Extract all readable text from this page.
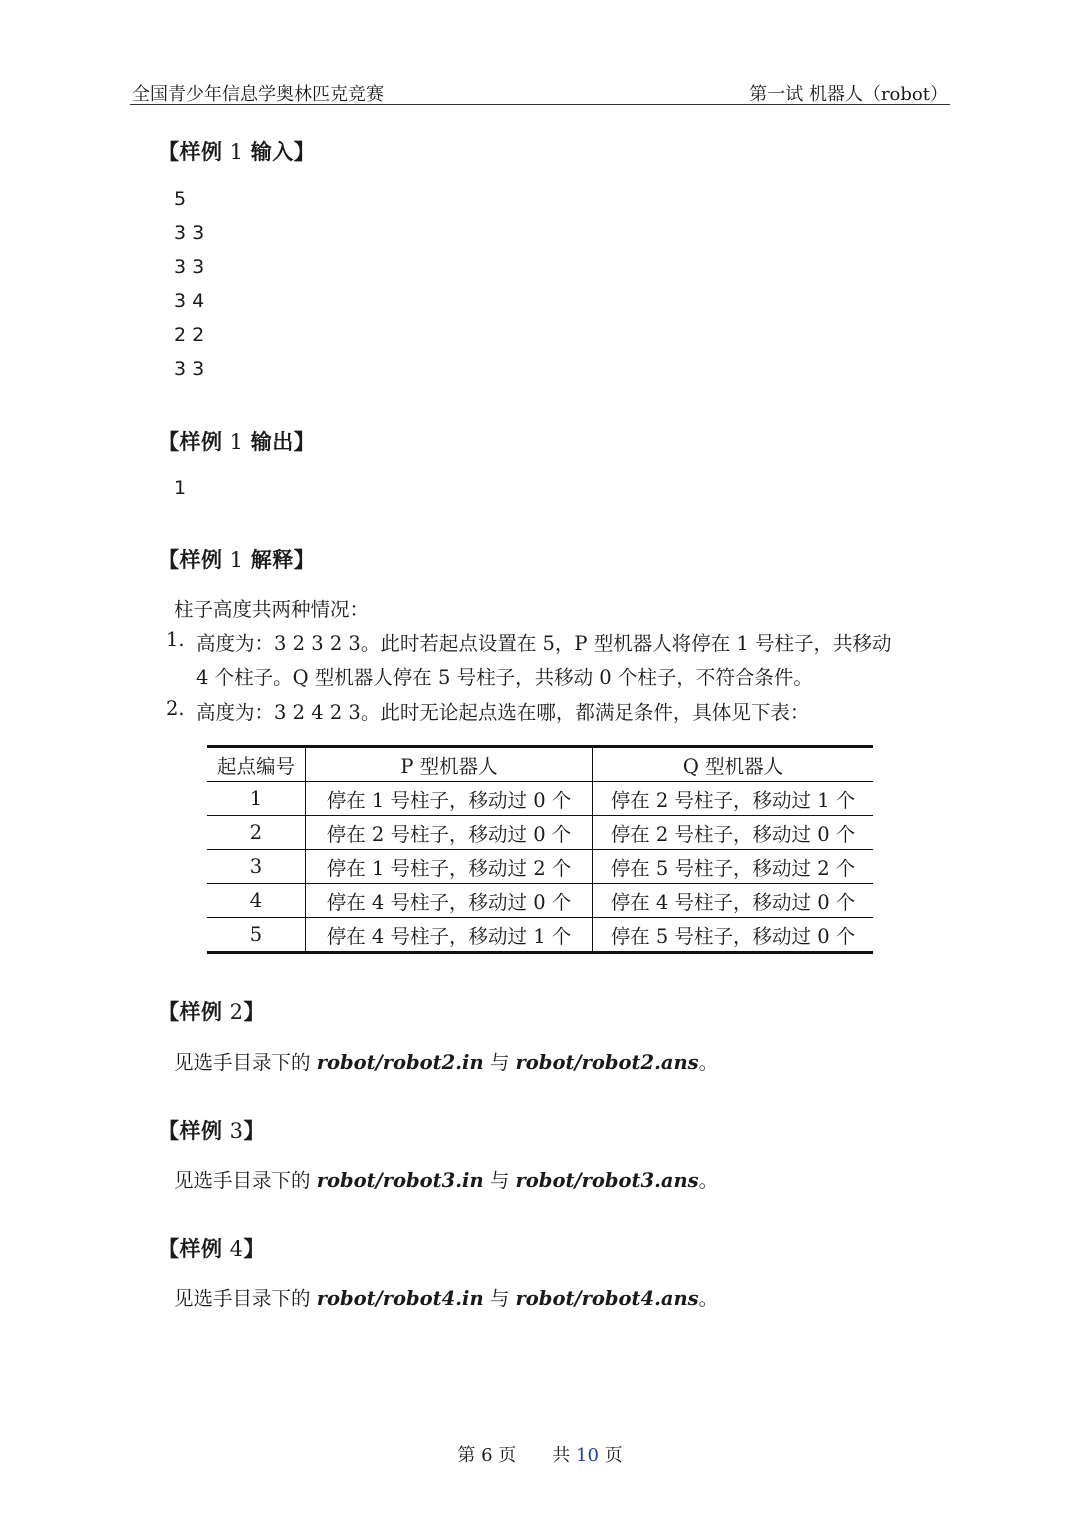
全国青少年信息学奥林匹克竞赛	第一试 机器人（robot）
【样例 1 输入】
5
3 3
3 3
3 4
2 2
3 3
【样例 1 输出】
1
【样例 1 解释】
柱子高度共两种情况：
1. 高度为：3 2 3 2 3。此时若起点设置在 5，P 型机器人将停在 1 号柱子，共移动
4 个柱子。Q 型机器人停在 5 号柱子，共移动 0 个柱子，不符合条件。
2. 高度为：3 2 4 2 3。此时无论起点选在哪，都满足条件，具体见下表：
起点编号	P 型机器人	Q 型机器人
1	停在 1 号柱子，移动过 0 个	停在 2 号柱子，移动过 1 个
2	停在 2 号柱子，移动过 0 个	停在 2 号柱子，移动过 0 个
3	停在 1 号柱子，移动过 2 个	停在 5 号柱子，移动过 2 个
4	停在 4 号柱子，移动过 0 个	停在 4 号柱子，移动过 0 个
5	停在 4 号柱子，移动过 1 个	停在 5 号柱子，移动过 0 个
【样例 2】
见选手目录下的 robot/robot2.in 与 robot/robot2.ans。
【样例 3】
见选手目录下的 robot/robot3.in 与 robot/robot3.ans。
【样例 4】
见选手目录下的 robot/robot4.in 与 robot/robot4.ans。
第 6 页 共 10 页
